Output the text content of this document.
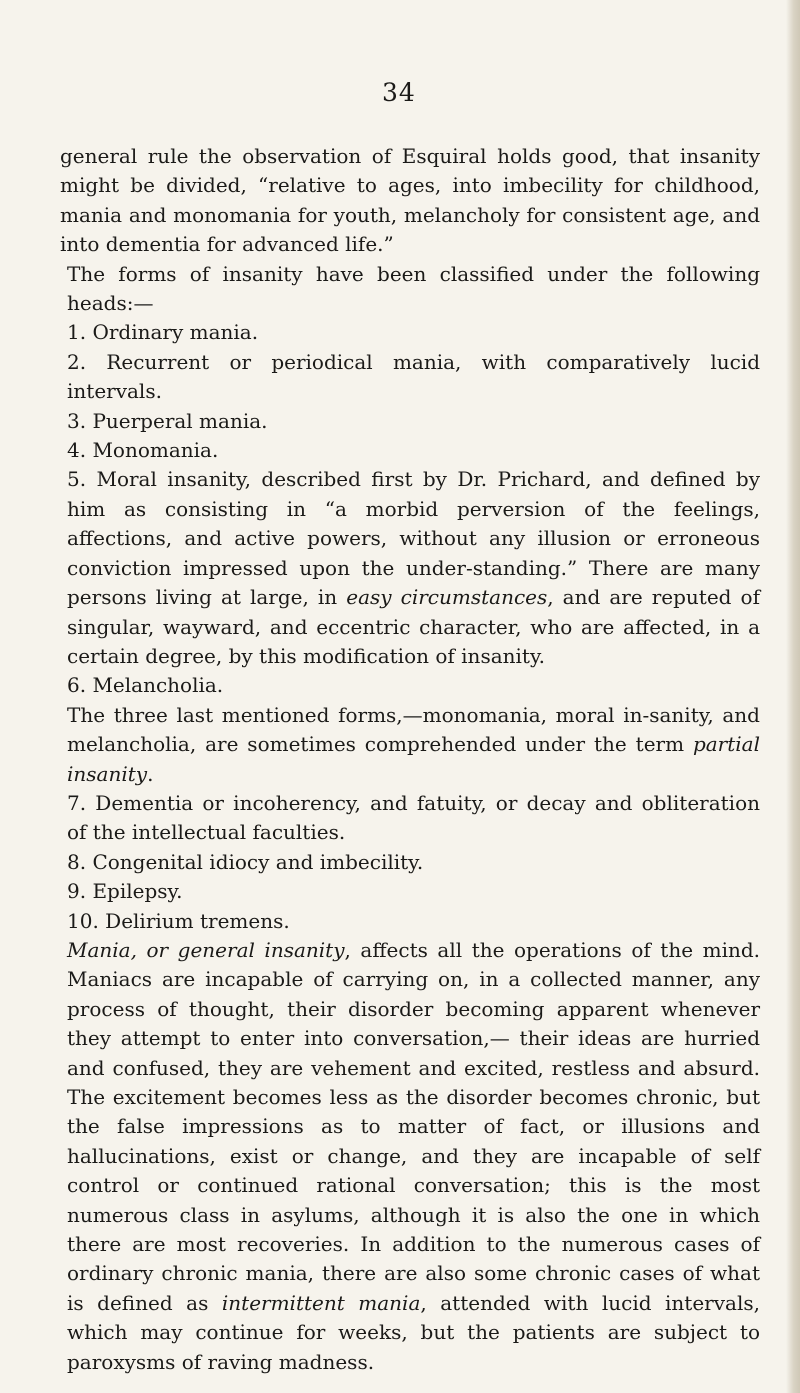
34

general rule the observation of Esquiral holds good, that insanity might be divided, “relative to ages, into imbecility for childhood, mania and monomania for youth, melancholy for consistent age, and into dementia for advanced life.”

The forms of insanity have been classified under the following heads:—

1. Ordinary mania.

2. Recurrent or periodical mania, with comparatively lucid intervals.

3. Puerperal mania.

4. Monomania.

5. Moral insanity, described first by Dr. Prichard, and defined by him as consisting in “a morbid perversion of the feelings, affections, and active powers, without any illusion or erroneous conviction impressed upon the under-standing.” There are many persons living at large, in easy circumstances, and are reputed of singular, wayward, and eccentric character, who are affected, in a certain degree, by this modification of insanity.

6. Melancholia.

The three last mentioned forms,—monomania, moral in-sanity, and melancholia, are sometimes comprehended under the term partial insanity.

7. Dementia or incoherency, and fatuity, or decay and obliteration of the intellectual faculties.

8. Congenital idiocy and imbecility.

9. Epilepsy.

10. Delirium tremens.

Mania, or general insanity, affects all the operations of the mind. Maniacs are incapable of carrying on, in a collected manner, any process of thought, their disorder becoming apparent whenever they attempt to enter into conversation,— their ideas are hurried and confused, they are vehement and excited, restless and absurd. The excitement becomes less as the disorder becomes chronic, but the false impressions as to matter of fact, or illusions and hallucinations, exist or change, and they are incapable of self control or continued rational conversation; this is the most numerous class in asylums, although it is also the one in which there are most recoveries. In addition to the numerous cases of ordinary chronic mania, there are also some chronic cases of what is defined as intermittent mania, attended with lucid intervals, which may continue for weeks, but the patients are subject to paroxysms of raving madness.
